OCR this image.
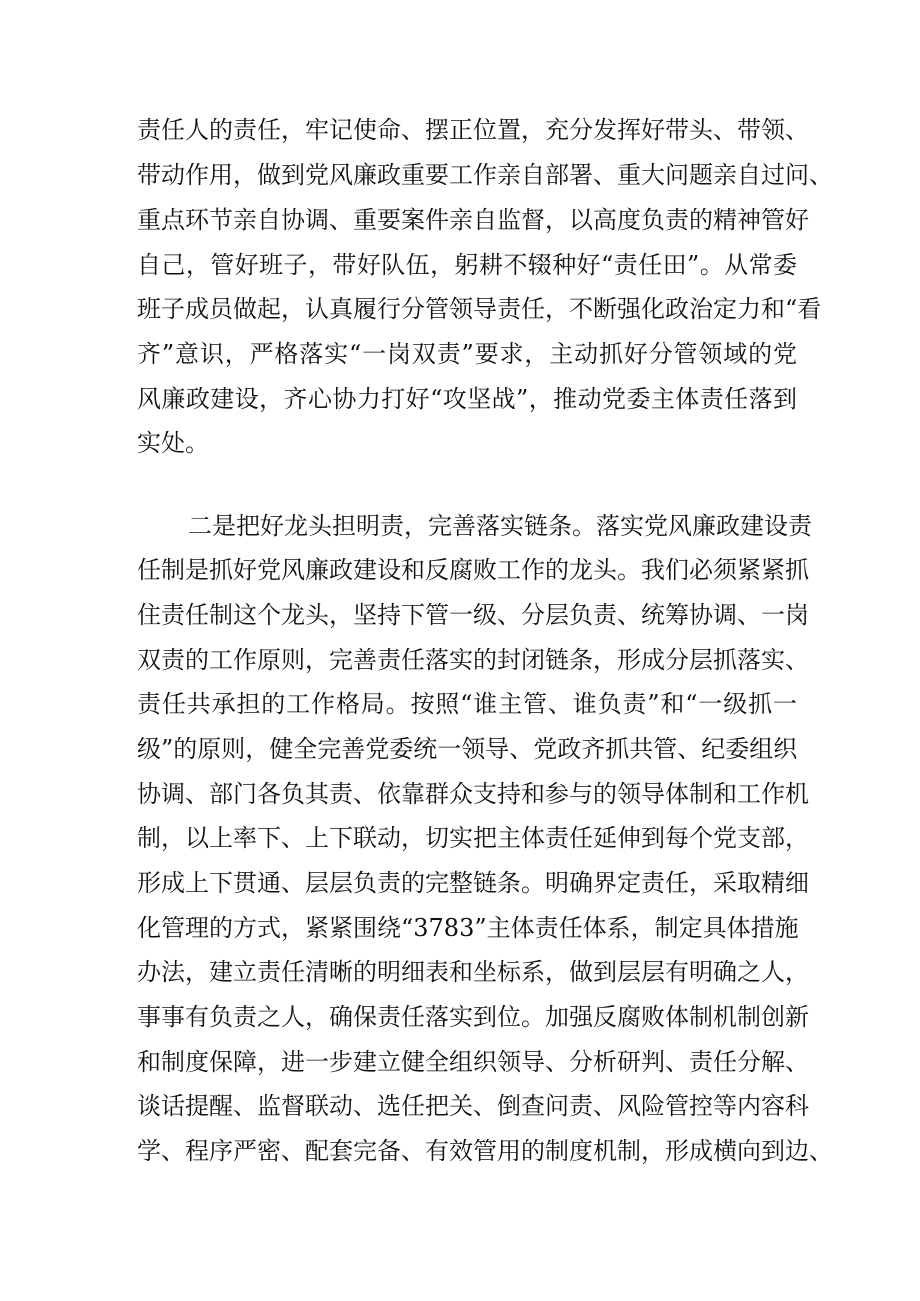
责任人的责任，牢记使命、摆正位置，充分发挥好带头、带领、
带动作用，做到党风廉政重要工作亲自部署、重大问题亲自过问、
重点环节亲自协调、重要案件亲自监督，以高度负责的精神管好
自己，管好班子，带好队伍，躬耕不辍种好“责任田”。从常委
班子成员做起，认真履行分管领导责任，不断强化政治定力和“看
齐”意识，严格落实“一岗双责”要求，主动抓好分管领域的党
风廉政建设，齐心协力打好“攻坚战”，推动党委主体责任落到
实处。
二是把好龙头担明责，完善落实链条。落实党风廉政建设责
任制是抓好党风廉政建设和反腐败工作的龙头。我们必须紧紧抓
住责任制这个龙头，坚持下管一级、分层负责、统筹协调、一岗
双责的工作原则，完善责任落实的封闭链条，形成分层抓落实、
责任共承担的工作格局。按照“谁主管、谁负责”和“一级抓一
级”的原则，健全完善党委统一领导、党政齐抓共管、纪委组织
协调、部门各负其责、依靠群众支持和参与的领导体制和工作机
制，以上率下、上下联动，切实把主体责任延伸到每个党支部，
形成上下贯通、层层负责的完整链条。明确界定责任，采取精细
化管理的方式，紧紧围绕“3783”主体责任体系，制定具体措施
办法，建立责任清晰的明细表和坐标系，做到层层有明确之人，
事事有负责之人，确保责任落实到位。加强反腐败体制机制创新
和制度保障，进一步建立健全组织领导、分析研判、责任分解、
谈话提醒、监督联动、选任把关、倒查问责、风险管控等内容科
学、程序严密、配套完备、有效管用的制度机制，形成横向到边、
